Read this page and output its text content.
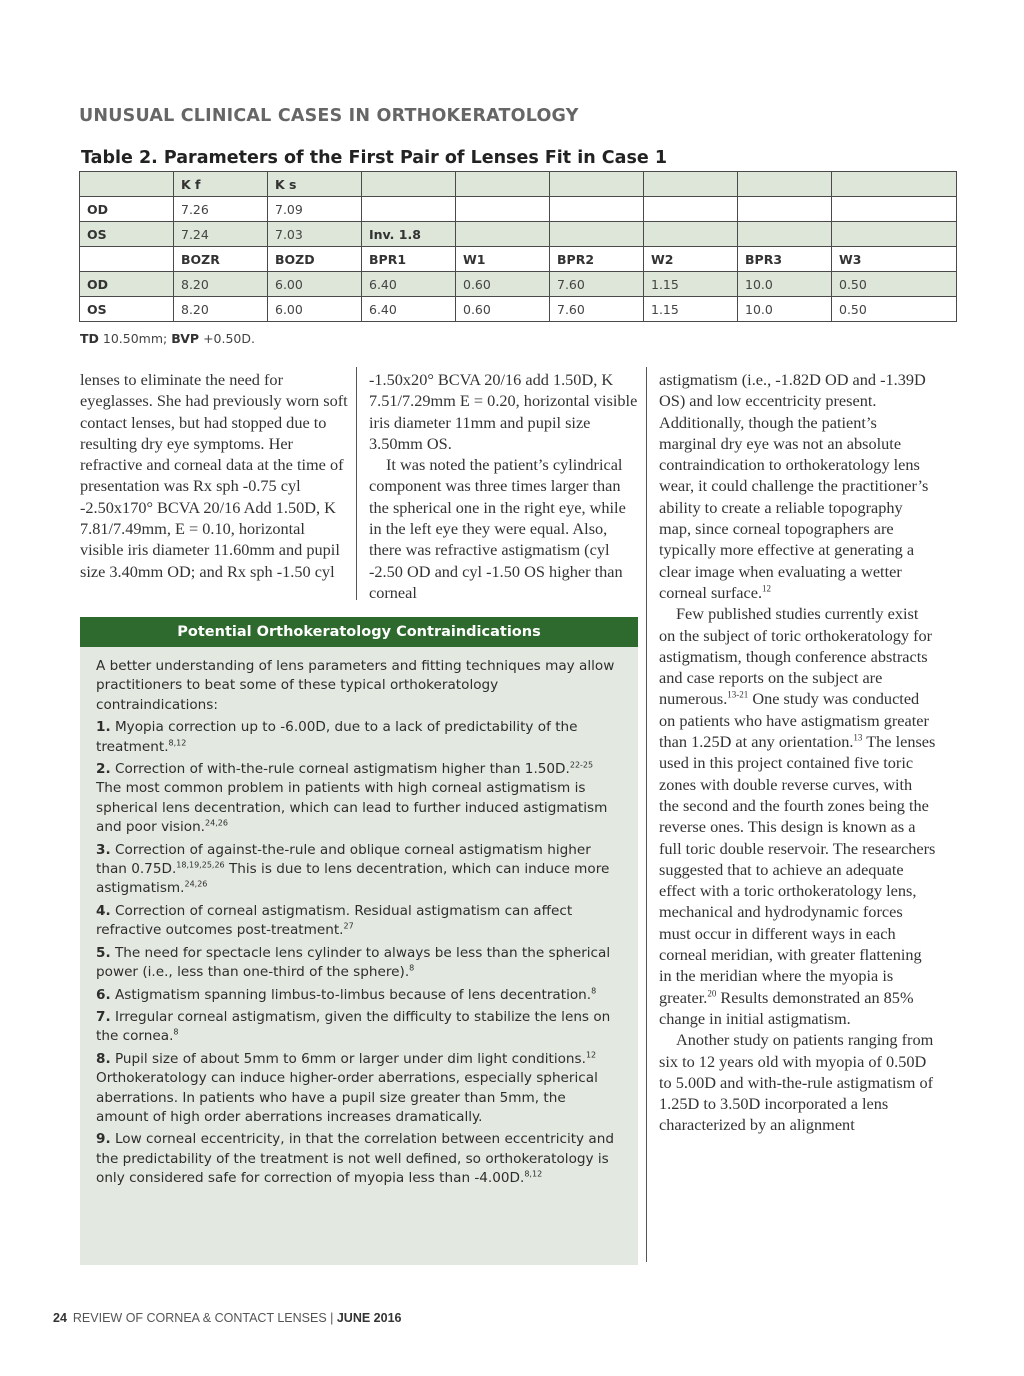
UNUSUAL CLINICAL CASES IN ORTHOKERATOLOGY
Table 2. Parameters of the First Pair of Lenses Fit in Case 1
	K f	K s						
OD	7.26	7.09						
OS	7.24	7.03	Inv. 1.8					
	BOZR	BOZD	BPR1	W1	BPR2	W2	BPR3	W3
OD	8.20	6.00	6.40	0.60	7.60	1.15	10.0	0.50
OS	8.20	6.00	6.40	0.60	7.60	1.15	10.0	0.50
TD 10.50mm; BVP +0.50D.

lenses to eliminate the need for eyeglasses. She had previously worn soft contact lenses, but had stopped due to resulting dry eye symptoms. Her refractive and corneal data at the time of presentation was Rx sph -0.75 cyl -2.50x170° BCVA 20/16 Add 1.50D, K 7.81/7.49mm, E = 0.10, horizontal visible iris diameter 11.60mm and pupil size 3.40mm OD; and Rx sph -1.50 cyl

-1.50x20° BCVA 20/16 add 1.50D, K 7.51/7.29mm E = 0.20, horizontal visible iris diameter 11mm and pupil size 3.50mm OS.

It was noted the patient’s cylindrical component was three times larger than the spherical one in the right eye, while in the left eye they were equal. Also, there was refractive astigmatism (cyl -2.50 OD and cyl -1.50 OS higher than corneal

astigmatism (i.e., -1.82D OD and -1.39D OS) and low eccentricity present. Additionally, though the patient’s marginal dry eye was not an absolute contraindication to orthokeratology lens wear, it could challenge the practitioner’s ability to create a reliable topography map, since corneal topographers are typically more effective at generating a clear image when evaluating a wetter corneal surface.$^{12}$

Few published studies currently exist on the subject of toric orthokeratology for astigmatism, though conference abstracts and case reports on the subject are numerous.$^{13-21}$ One study was conducted on patients who have astigmatism greater than 1.25D at any orientation.$^{13}$ The lenses used in this project contained five toric zones with double reverse curves, with the second and the fourth zones being the reverse ones. This design is known as a full toric double reservoir. The researchers suggested that to achieve an adequate effect with a toric orthokeratology lens, mechanical and hydrodynamic forces must occur in different ways in each corneal meridian, with greater flattening in the meridian where the myopia is greater.$^{20}$ Results demonstrated an 85% change in initial astigmatism.

Another study on patients ranging from six to 12 years old with myopia of 0.50D to 5.00D and with-the-rule astigmatism of 1.25D to 3.50D incorporated a lens characterized by an alignment

Potential Orthokeratology Contraindications

A better understanding of lens parameters and fitting techniques may allow practitioners to beat some of these typical orthokeratology contraindications:

1. Myopia correction up to -6.00D, due to a lack of predictability of the treatment.$^{8,12}$

2. Correction of with-the-rule corneal astigmatism higher than 1.50D.$^{22-25}$ The most common problem in patients with high corneal astigmatism is spherical lens decentration, which can lead to further induced astigmatism and poor vision.$^{24,26}$

3. Correction of against-the-rule and oblique corneal astigmatism higher than 0.75D.$^{18,19,25,26}$ This is due to lens decentration, which can induce more astigmatism.$^{24,26}$

4. Correction of corneal astigmatism. Residual astigmatism can affect refractive outcomes post-treatment.$^{27}$

5. The need for spectacle lens cylinder to always be less than the spherical power (i.e., less than one-third of the sphere).$^8$

6. Astigmatism spanning limbus-to-limbus because of lens decentration.$^8$

7. Irregular corneal astigmatism, given the difficulty to stabilize the lens on the cornea.$^8$

8. Pupil size of about 5mm to 6mm or larger under dim light conditions.$^{12}$ Orthokeratology can induce higher-order aberrations, especially spherical aberrations. In patients who have a pupil size greater than 5mm, the amount of high order aberrations increases dramatically.

9. Low corneal eccentricity, in that the correlation between eccentricity and the predictability of the treatment is not well defined, so orthokeratology is only considered safe for correction of myopia less than -4.00D.$^{8,12}$

24 REVIEW OF CORNEA & CONTACT LENSES | JUNE 2016
